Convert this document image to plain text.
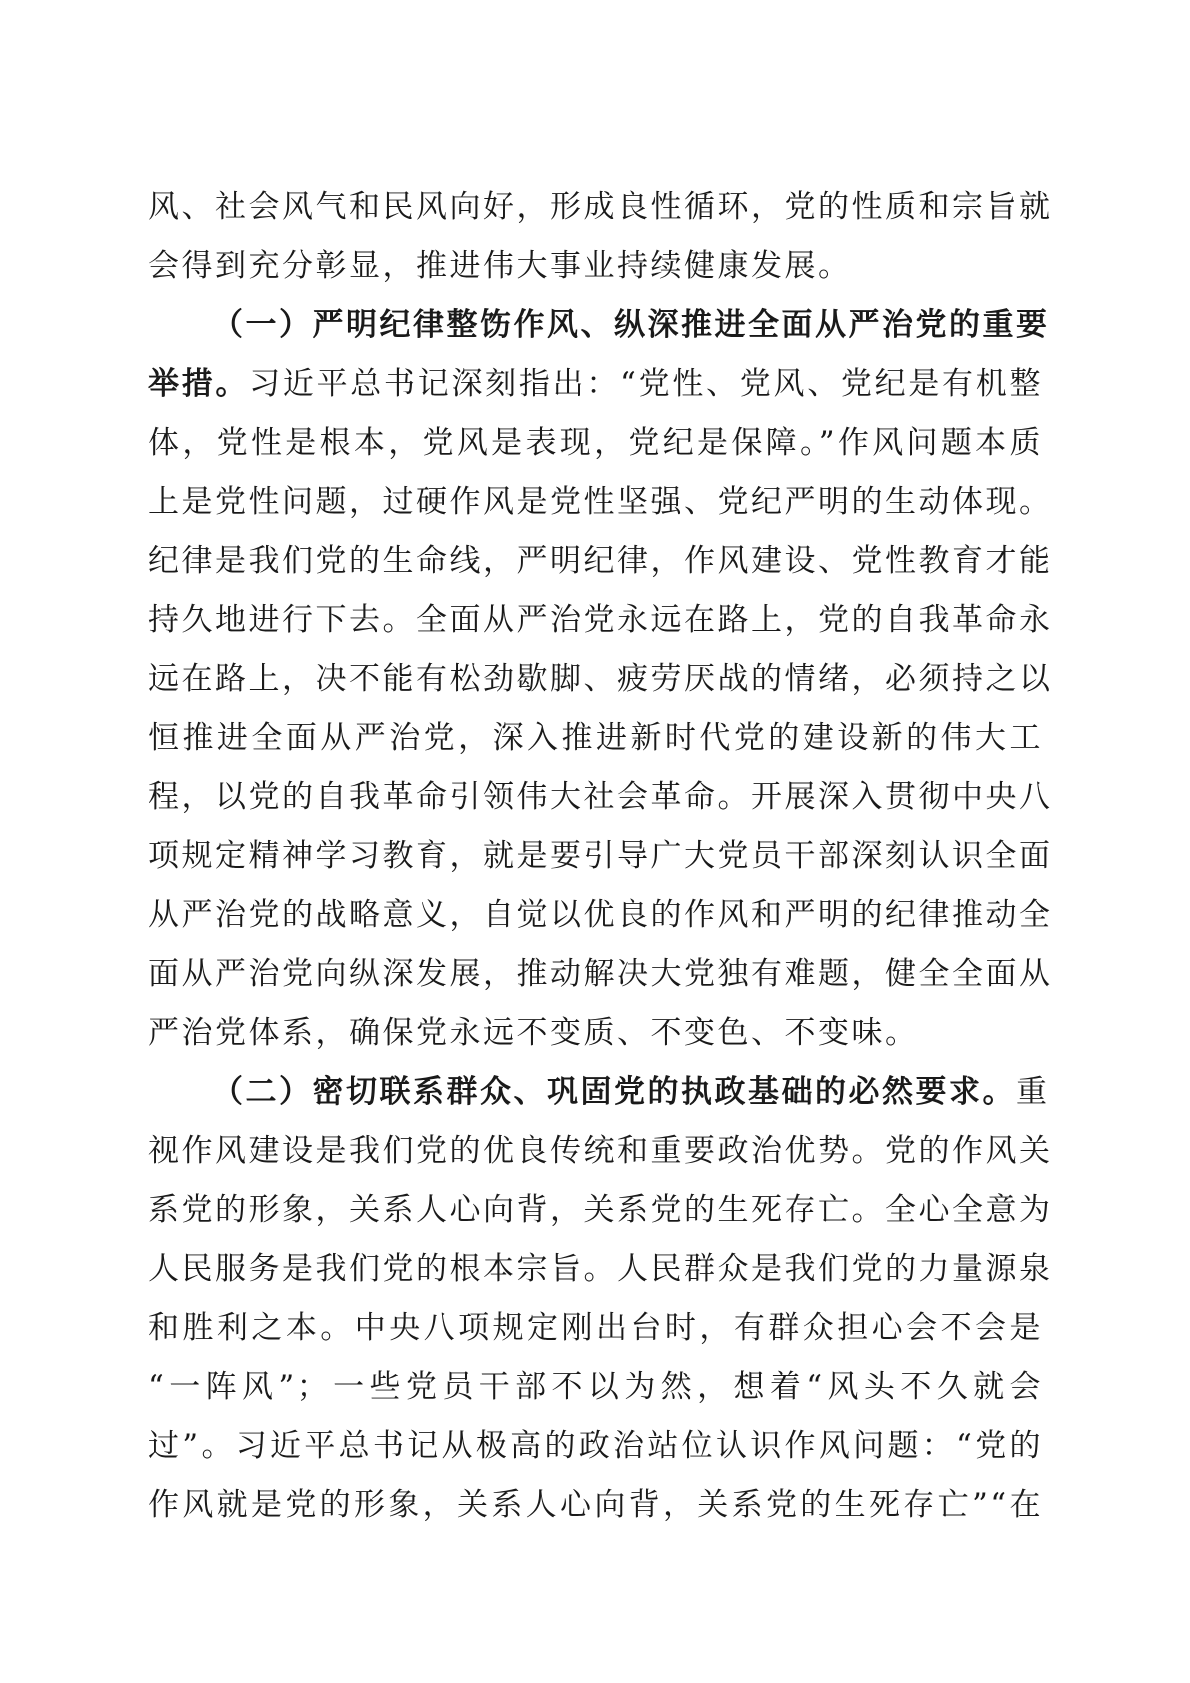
风、社会风气和民风向好，形成良性循环，党的性质和宗旨就
会得到充分彰显，推进伟大事业持续健康发展。
（一）严明纪律整饬作风、纵深推进全面从严治党的重要
举措。习近平总书记深刻指出：“党性、党风、党纪是有机整
体，党性是根本，党风是表现，党纪是保障。”作风问题本质
上是党性问题，过硬作风是党性坚强、党纪严明的生动体现。
纪律是我们党的生命线，严明纪律，作风建设、党性教育才能
持久地进行下去。全面从严治党永远在路上，党的自我革命永
远在路上，决不能有松劲歇脚、疲劳厌战的情绪，必须持之以
恒推进全面从严治党，深入推进新时代党的建设新的伟大工
程，以党的自我革命引领伟大社会革命。开展深入贯彻中央八
项规定精神学习教育，就是要引导广大党员干部深刻认识全面
从严治党的战略意义，自觉以优良的作风和严明的纪律推动全
面从严治党向纵深发展，推动解决大党独有难题，健全全面从
严治党体系，确保党永远不变质、不变色、不变味。
（二）密切联系群众、巩固党的执政基础的必然要求。重
视作风建设是我们党的优良传统和重要政治优势。党的作风关
系党的形象，关系人心向背，关系党的生死存亡。全心全意为
人民服务是我们党的根本宗旨。人民群众是我们党的力量源泉
和胜利之本。中央八项规定刚出台时，有群众担心会不会是
“一阵风”；一些党员干部不以为然，想着“风头不久就会
过”。习近平总书记从极高的政治站位认识作风问题：“党的
作风就是党的形象，关系人心向背，关系党的生死存亡”“在
